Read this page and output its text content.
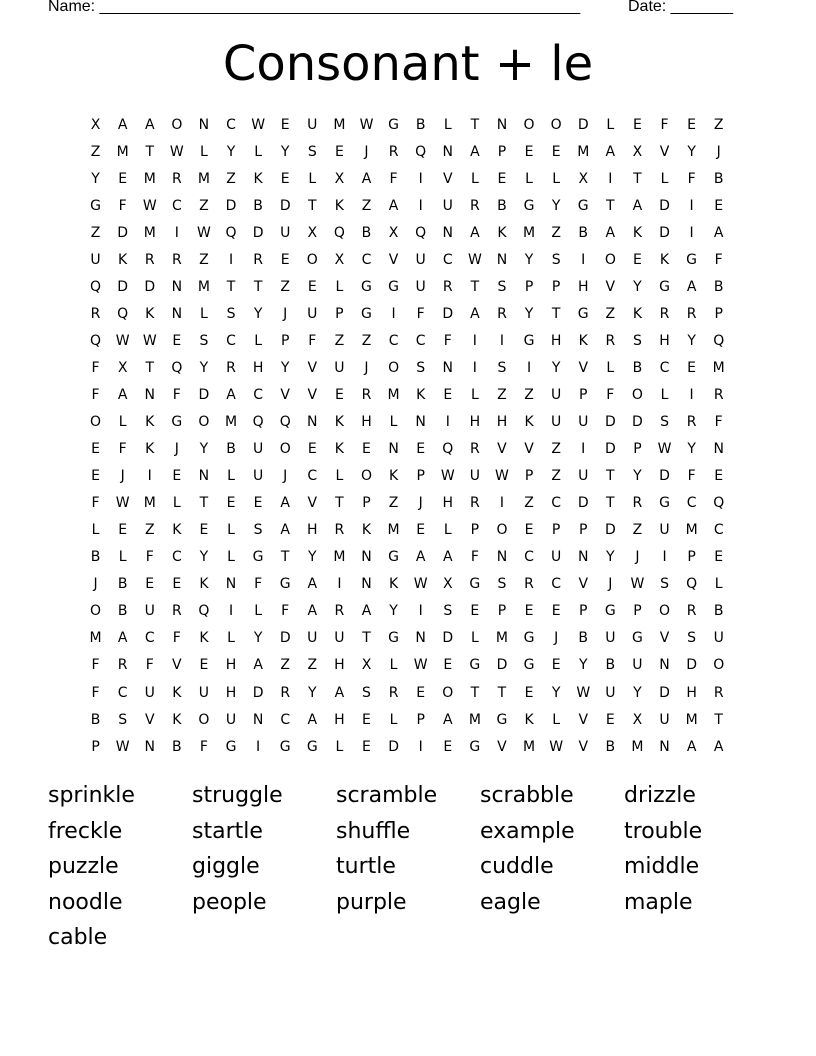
Name: ______________________________________________________	Date: _______
Consonant + le
X	A	A	O	N	C	W	E	U	M	W	G	B	L	T	N	O	O	D	L	E	F	E	Z
Z	M	T	W	L	Y	L	Y	S	E	J	R	Q	N	A	P	E	E	M	A	X	V	Y	J
Y	E	M	R	M	Z	K	E	L	X	A	F	I	V	L	E	L	L	X	I	T	L	F	B
G	F	W	C	Z	D	B	D	T	K	Z	A	I	U	R	B	G	Y	G	T	A	D	I	E
Z	D	M	I	W	Q	D	U	X	Q	B	X	Q	N	A	K	M	Z	B	A	K	D	I	A
U	K	R	R	Z	I	R	E	O	X	C	V	U	C	W	N	Y	S	I	O	E	K	G	F
Q	D	D	N	M	T	T	Z	E	L	G	G	U	R	T	S	P	P	H	V	Y	G	A	B
R	Q	K	N	L	S	Y	J	U	P	G	I	F	D	A	R	Y	T	G	Z	K	R	R	P
Q	W W	E	S	C	L	P	F	Z	Z	C	C	F	I	I	G	H	K	R	S	H	Y	Q
F	X	T	Q	Y	R	H	Y	V	U	J	O	S	N	I	S	I	Y	V	L	B	C	E	M
F	A	N	F	D	A	C	V	V	E	R	M	K	E	L	Z	Z	U	P	F	O	L	I	R
O	L	K	G	O	M	Q	Q	N	K	H	L	N	I	H	H	K	U	U	D	D	S	R	F
E	F	K	J	Y	B	U	O	E	K	E	N	E	Q	R	V	V	Z	I	D	P	W	Y	N
E	J	I	E	N	L	U	J	C	L	O	K	P	W	U	W	P	Z	U	T	Y	D	F	E
F	W	M	L	T	E	E	A	V	T	P	Z	J	H	R	I	Z	C	D	T	R	G	C	Q
L	E	Z	K	E	L	S	A	H	R	K	M	E	L	P	O	E	P	P	D	Z	U	M	C
B	L	F	C	Y	L	G	T	Y	M	N	G	A	A	F	N	C	U	N	Y	J	I	P	E
J	B	E	E	K	N	F	G	A	I	N	K	W	X	G	S	R	C	V	J	W	S	Q	L
O	B	U	R	Q	I	L	F	A	R	A	Y	I	S	E	P	E	E	P	G	P	O	R	B
M	A	C	F	K	L	Y	D	U	U	T	G	N	D	L	M	G	J	B	U	G	V	S	U
F	R	F	V	E	H	A	Z	Z	H	X	L	W	E	G	D	G	E	Y	B	U	N	D	O
F	C	U	K	U	H	D	R	Y	A	S	R	E	O	T	T	E	Y	W	U	Y	D	H	R
B	S	V	K	O	U	N	C	A	H	E	L	P	A	M	G	K	L	V	E	X	U	M	T
P	W	N	B	F	G	I	G	G	L	E	D	I	E	G	V	M	W	V	B	M	N	A	A
sprinkle	struggle	scramble	scrabble	drizzle
freckle	startle	shuffle	example	trouble
puzzle	giggle	turtle	cuddle	middle
noodle	people	purple	eagle	maple
cable
